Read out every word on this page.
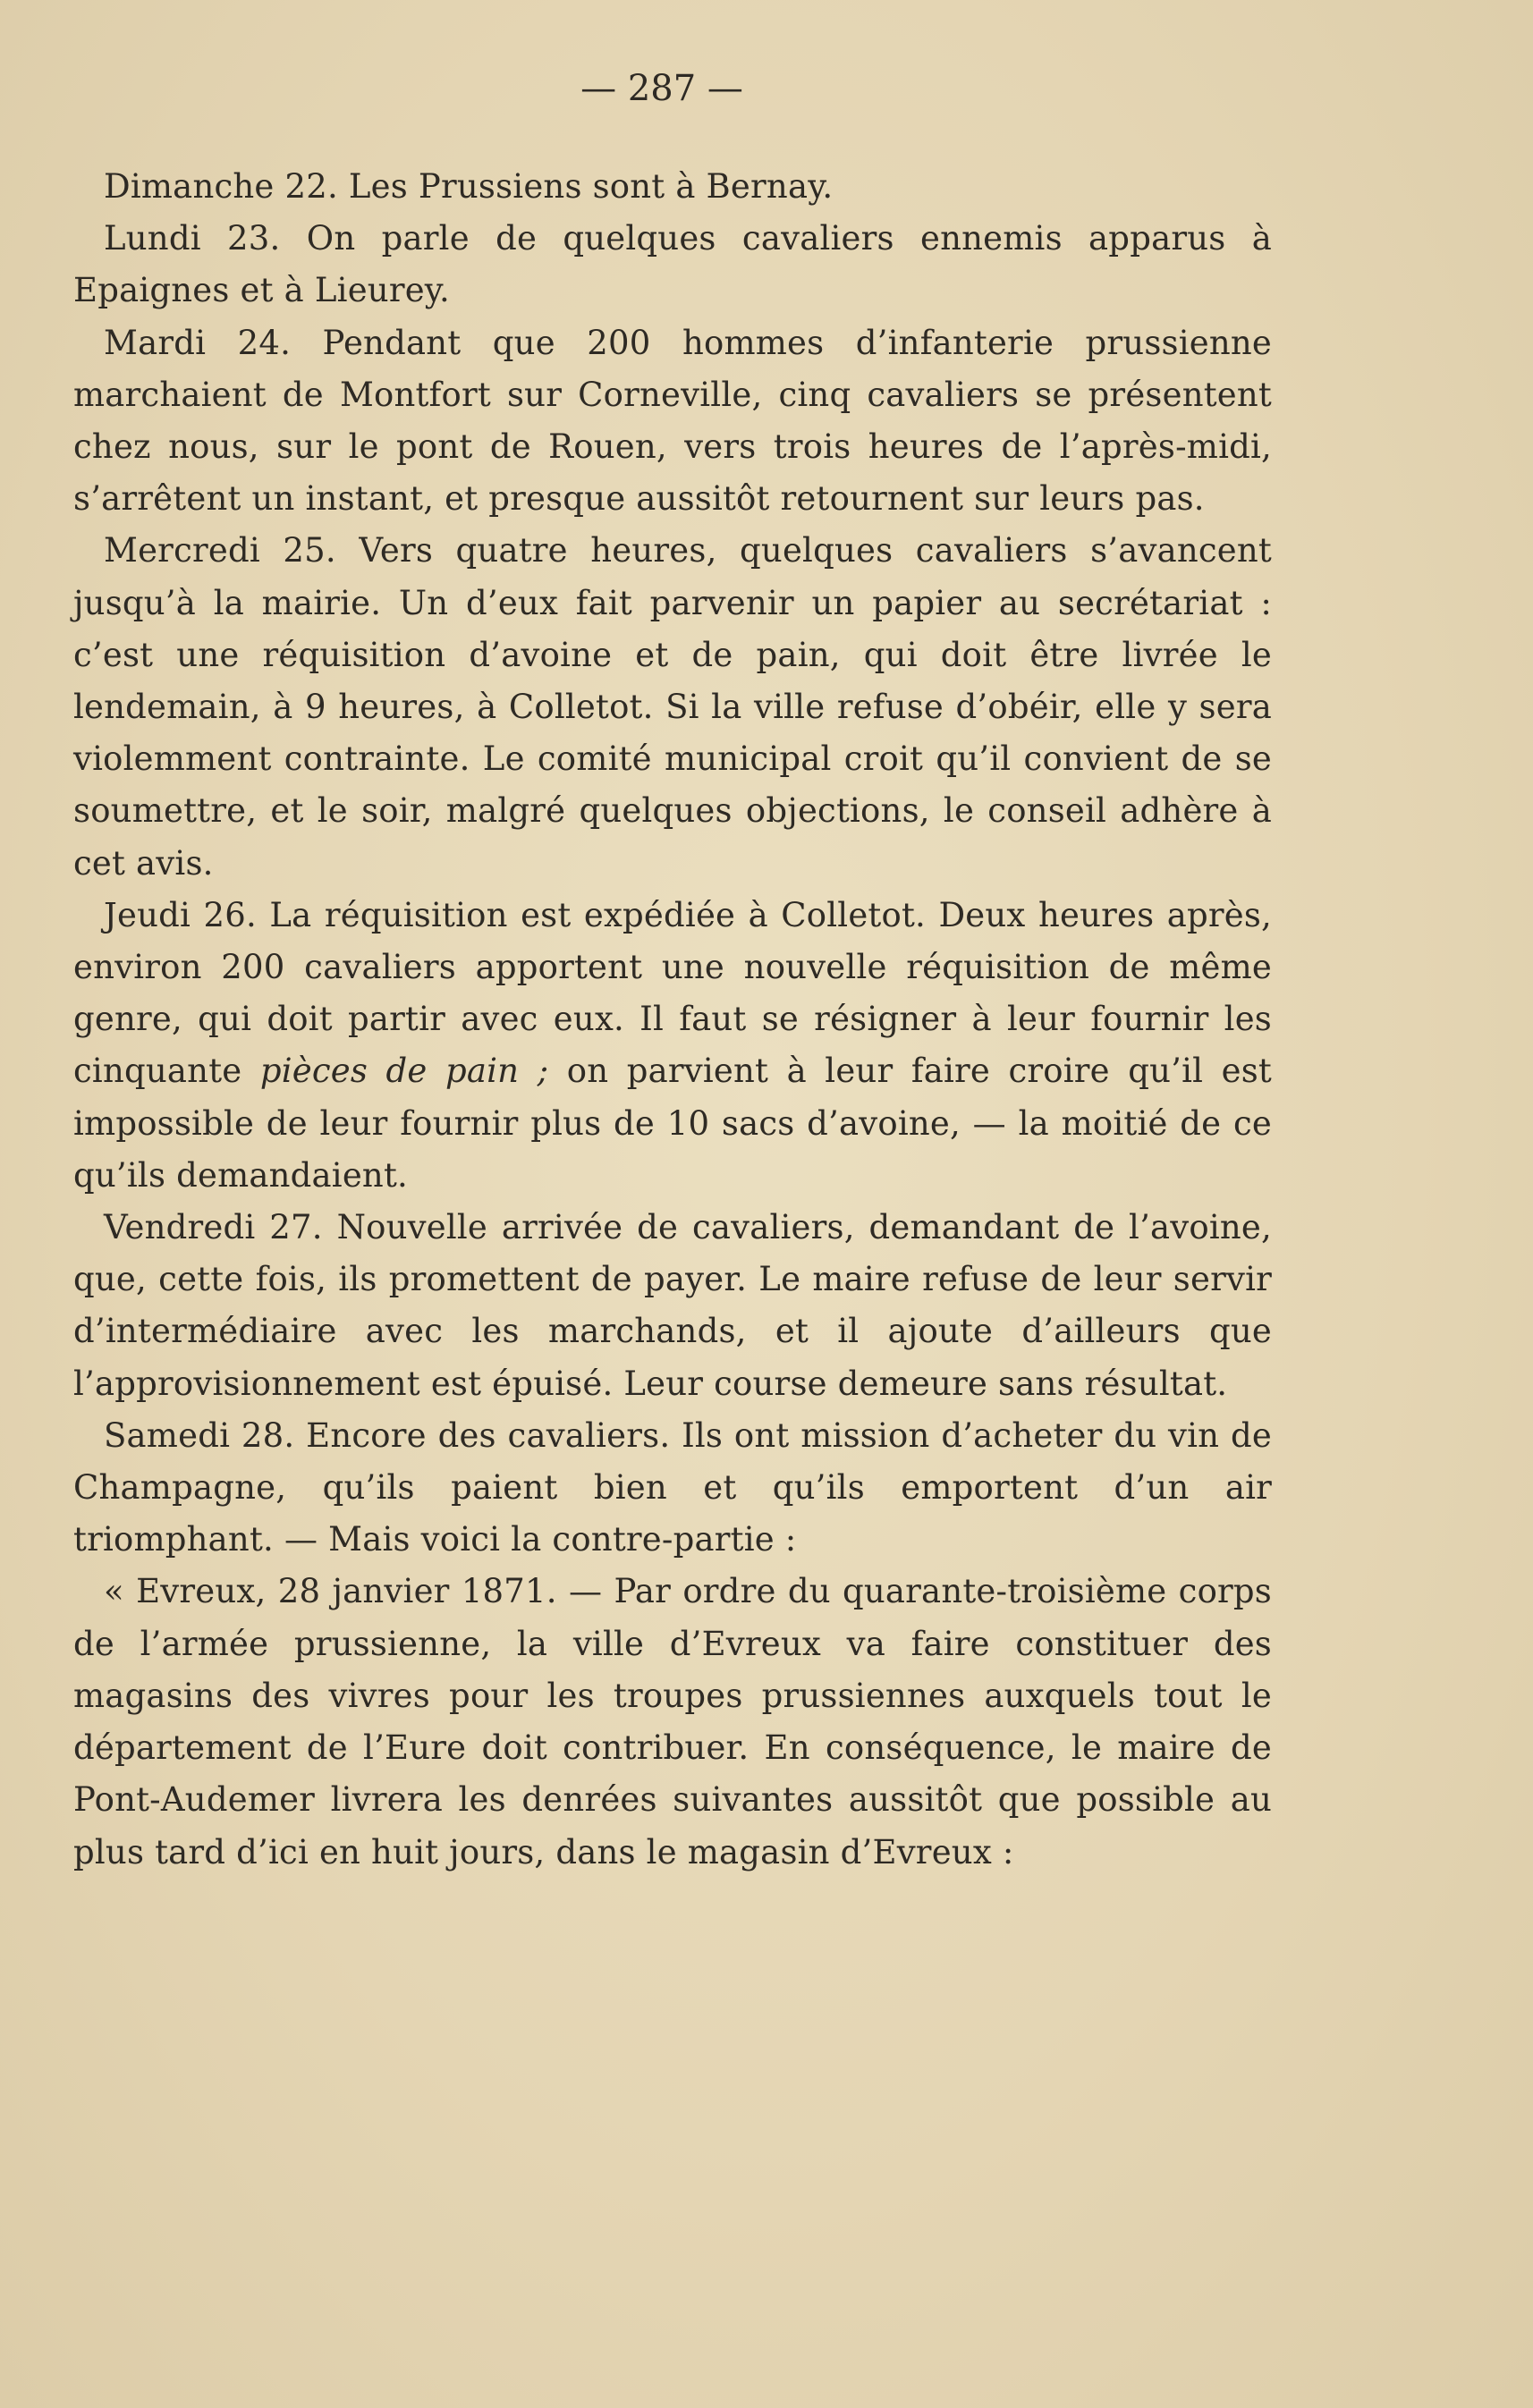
— 287 —

Dimanche 22. Les Prussiens sont à Bernay.

Lundi 23. On parle de quelques cavaliers ennemis apparus à Epaignes et à Lieurey.

Mardi 24. Pendant que 200 hommes d’infanterie prussienne marchaient de Montfort sur Corneville, cinq cavaliers se présentent chez nous, sur le pont de Rouen, vers trois heures de l’après-midi, s’arrêtent un instant, et presque aussitôt retournent sur leurs pas.

Mercredi 25. Vers quatre heures, quelques cavaliers s’avancent jusqu’à la mairie. Un d’eux fait parvenir un papier au secrétariat : c’est une réquisition d’avoine et de pain, qui doit être livrée le lendemain, à 9 heures, à Colletot. Si la ville refuse d’obéir, elle y sera violemment contrainte. Le comité municipal croit qu’il convient de se soumettre, et le soir, malgré quelques objections, le conseil adhère à cet avis.

Jeudi 26. La réquisition est expédiée à Colletot. Deux heures après, environ 200 cavaliers apportent une nouvelle réquisition de même genre, qui doit partir avec eux. Il faut se résigner à leur fournir les cinquante pièces de pain ; on parvient à leur faire croire qu’il est impossible de leur fournir plus de 10 sacs d’avoine, — la moitié de ce qu’ils demandaient.

Vendredi 27. Nouvelle arrivée de cavaliers, demandant de l’avoine, que, cette fois, ils promettent de payer. Le maire refuse de leur servir d’intermédiaire avec les marchands, et il ajoute d’ailleurs que l’approvisionnement est épuisé. Leur course demeure sans résultat.

Samedi 28. Encore des cavaliers. Ils ont mission d’acheter du vin de Champagne, qu’ils paient bien et qu’ils emportent d’un air triomphant. — Mais voici la contre-partie :

« Evreux, 28 janvier 1871. — Par ordre du quarante-troisième corps de l’armée prussienne, la ville d’Evreux va faire constituer des magasins des vivres pour les troupes prussiennes auxquels tout le département de l’Eure doit contribuer. En conséquence, le maire de Pont-Audemer livrera les denrées suivantes aussitôt que possible au plus tard d’ici en huit jours, dans le magasin d’Evreux :
